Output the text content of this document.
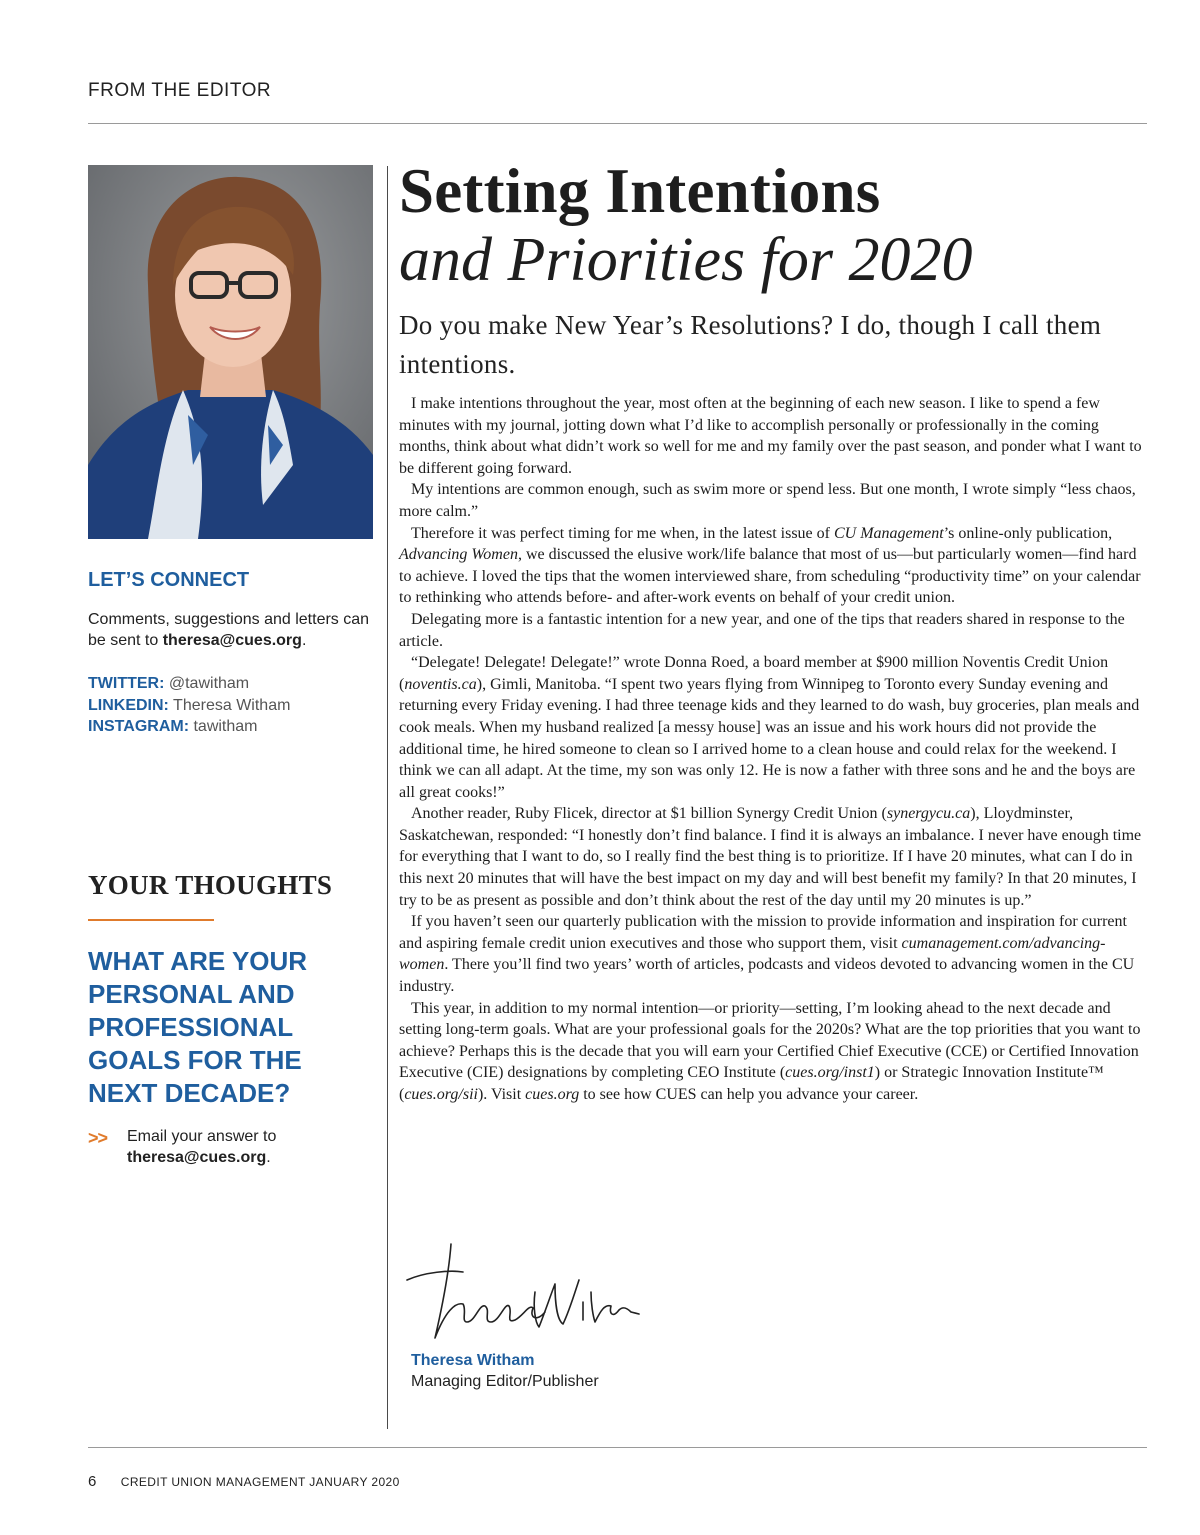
FROM THE EDITOR
LET’S CONNECT
Comments, suggestions and letters can be sent to theresa@cues.org.
TWITTER: @tawitham
LINKEDIN: Theresa Witham
INSTAGRAM: tawitham
YOUR THOUGHTS
WHAT ARE YOUR PERSONAL AND PROFESSIONAL GOALS FOR THE NEXT DECADE?
>> Email your answer to theresa@cues.org.
Setting Intentions
and Priorities for 2020
Do you make New Year’s Resolutions? I do, though I call them intentions.

I make intentions throughout the year, most often at the beginning of each new season. I like to spend a few minutes with my journal, jotting down what I’d like to accomplish personally or professionally in the coming months, think about what didn’t work so well for me and my family over the past season, and ponder what I want to be different going forward.

My intentions are common enough, such as swim more or spend less. But one month, I wrote simply “less chaos, more calm.”

Therefore it was perfect timing for me when, in the latest issue of CU Management’s online-only publication, Advancing Women, we discussed the elusive work/life balance that most of us—but particularly women—find hard to achieve. I loved the tips that the women interviewed share, from scheduling “productivity time” on your calendar to rethinking who attends before- and after-work events on behalf of your credit union.

Delegating more is a fantastic intention for a new year, and one of the tips that readers shared in response to the article.

“Delegate! Delegate! Delegate!” wrote Donna Roed, a board member at $900 million Noventis Credit Union (noventis.ca), Gimli, Manitoba. “I spent two years flying from Winnipeg to Toronto every Sunday evening and returning every Friday evening. I had three teenage kids and they learned to do wash, buy groceries, plan meals and cook meals. When my husband realized [a messy house] was an issue and his work hours did not provide the additional time, he hired someone to clean so I arrived home to a clean house and could relax for the weekend. I think we can all adapt. At the time, my son was only 12. He is now a father with three sons and he and the boys are all great cooks!”

Another reader, Ruby Flicek, director at $1 billion Synergy Credit Union (synergycu.ca), Lloydminster, Saskatchewan, responded: “I honestly don’t find balance. I find it is always an imbalance. I never have enough time for everything that I want to do, so I really find the best thing is to prioritize. If I have 20 minutes, what can I do in this next 20 minutes that will have the best impact on my day and will best benefit my family? In that 20 minutes, I try to be as present as possible and don’t think about the rest of the day until my 20 minutes is up.”

If you haven’t seen our quarterly publication with the mission to provide information and inspiration for current and aspiring female credit union executives and those who support them, visit cumanagement.com/advancing-women. There you’ll find two years’ worth of articles, podcasts and videos devoted to advancing women in the CU industry.

This year, in addition to my normal intention—or priority—setting, I’m looking ahead to the next decade and setting long-term goals. What are your professional goals for the 2020s? What are the top priorities that you want to achieve? Perhaps this is the decade that you will earn your Certified Chief Executive (CCE) or Certified Innovation Executive (CIE) designations by completing CEO Institute (cues.org/inst1) or Strategic Innovation Institute™ (cues.org/sii). Visit cues.org to see how CUES can help you advance your career.

Theresa Witham
Managing Editor/Publisher
6 CREDIT UNION MANAGEMENT JANUARY 2020
